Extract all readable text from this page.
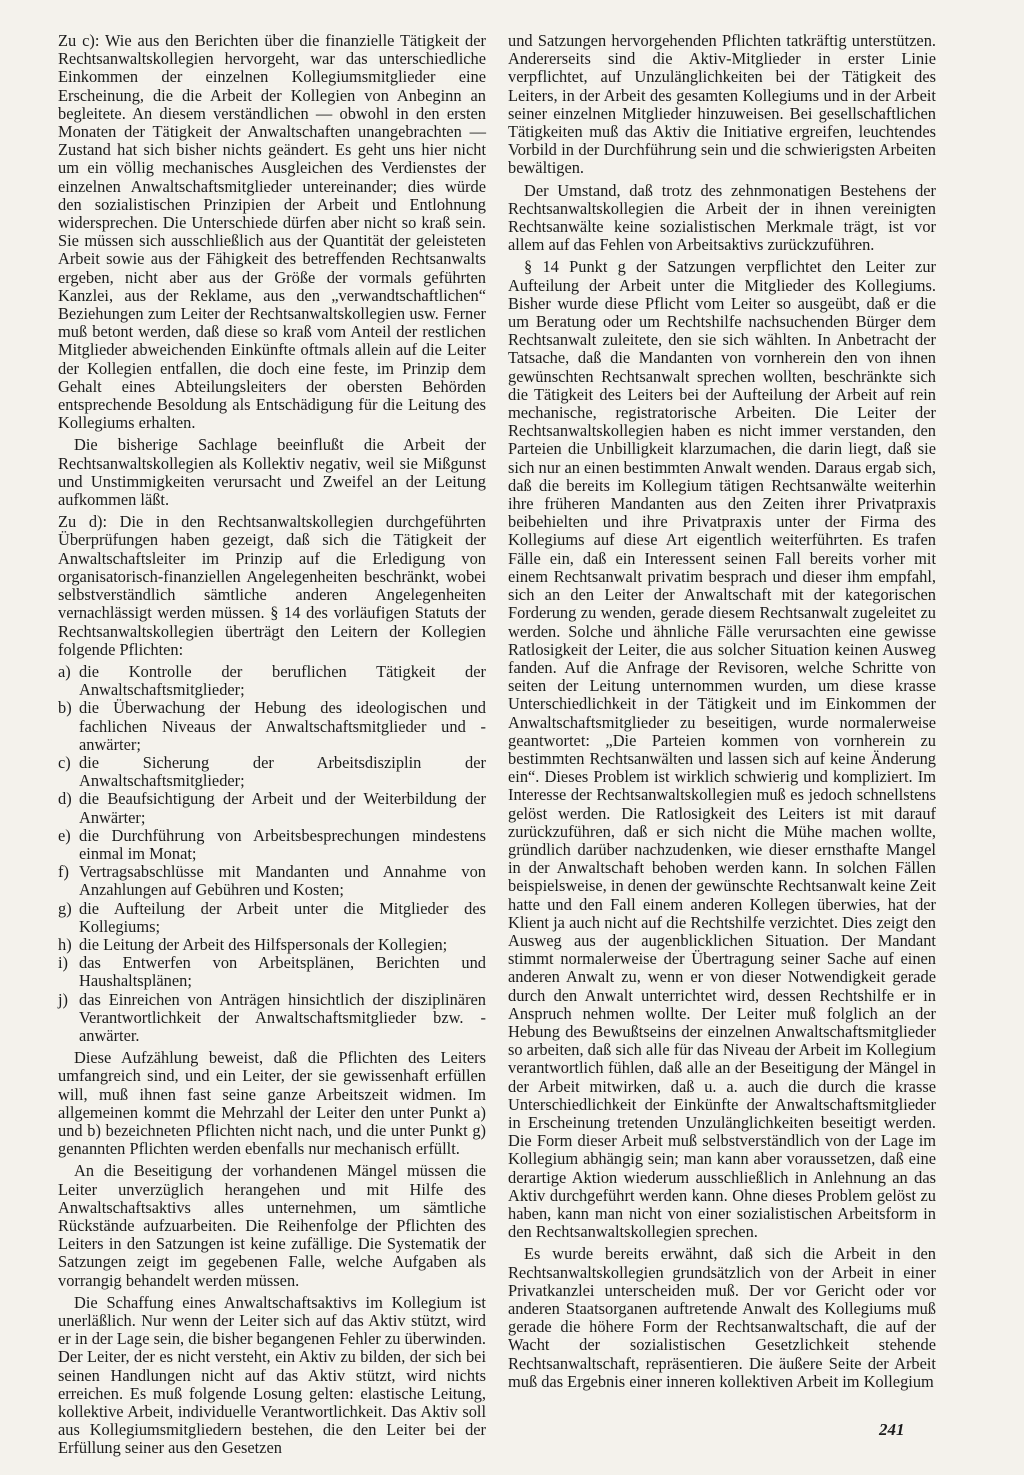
Zu c): Wie aus den Berichten über die finanzielle Tätigkeit der Rechtsanwaltskollegien hervorgeht, war das unterschiedliche Einkommen der einzelnen Kollegiumsmitglieder eine Erscheinung, die die Arbeit der Kollegien von Anbeginn an begleitete. An diesem verständlichen — obwohl in den ersten Monaten der Tätigkeit der Anwaltschaften unangebrachten — Zustand hat sich bisher nichts geändert. Es geht uns hier nicht um ein völlig mechanisches Ausgleichen des Verdienstes der einzelnen Anwaltschaftsmitglieder untereinander; dies würde den sozialistischen Prinzipien der Arbeit und Entlohnung widersprechen. Die Unterschiede dürfen aber nicht so kraß sein. Sie müssen sich ausschließlich aus der Quantität der geleisteten Arbeit sowie aus der Fähigkeit des betreffenden Rechtsanwalts ergeben, nicht aber aus der Größe der vormals geführten Kanzlei, aus der Reklame, aus den „verwandtschaftlichen“ Beziehungen zum Leiter der Rechtsanwaltskollegien usw. Ferner muß betont werden, daß diese so kraß vom Anteil der restlichen Mitglieder abweichenden Einkünfte oftmals allein auf die Leiter der Kollegien entfallen, die doch eine feste, im Prinzip dem Gehalt eines Abteilungsleiters der obersten Behörden entsprechende Besoldung als Entschädigung für die Leitung des Kollegiums erhalten.

Die bisherige Sachlage beeinflußt die Arbeit der Rechtsanwaltskollegien als Kollektiv negativ, weil sie Mißgunst und Unstimmigkeiten verursacht und Zweifel an der Leitung aufkommen läßt.

Zu d): Die in den Rechtsanwaltskollegien durchgeführten Überprüfungen haben gezeigt, daß sich die Tätigkeit der Anwaltschaftsleiter im Prinzip auf die Erledigung von organisatorisch-finanziellen Angelegenheiten beschränkt, wobei selbstverständlich sämtliche anderen Angelegenheiten vernachlässigt werden müssen. § 14 des vorläufigen Statuts der Rechtsanwaltskollegien überträgt den Leitern der Kollegien folgende Pflichten:

a) die Kontrolle der beruflichen Tätigkeit der Anwaltschaftsmitglieder;
b) die Überwachung der Hebung des ideologischen und fachlichen Niveaus der Anwaltschaftsmitglieder und -anwärter;
c) die Sicherung der Arbeitsdisziplin der Anwaltschaftsmitglieder;
d) die Beaufsichtigung der Arbeit und der Weiterbildung der Anwärter;
e) die Durchführung von Arbeitsbesprechungen mindestens einmal im Monat;
f) Vertragsabschlüsse mit Mandanten und Annahme von Anzahlungen auf Gebühren und Kosten;
g) die Aufteilung der Arbeit unter die Mitglieder des Kollegiums;
h) die Leitung der Arbeit des Hilfspersonals der Kollegien;
i) das Entwerfen von Arbeitsplänen, Berichten und Haushaltsplänen;
j) das Einreichen von Anträgen hinsichtlich der disziplinären Verantwortlichkeit der Anwaltschaftsmitglieder bzw. -anwärter.

Diese Aufzählung beweist, daß die Pflichten des Leiters umfangreich sind, und ein Leiter, der sie gewissenhaft erfüllen will, muß ihnen fast seine ganze Arbeitszeit widmen. Im allgemeinen kommt die Mehrzahl der Leiter den unter Punkt a) und b) bezeichneten Pflichten nicht nach, und die unter Punkt g) genannten Pflichten werden ebenfalls nur mechanisch erfüllt.

An die Beseitigung der vorhandenen Mängel müssen die Leiter unverzüglich herangehen und mit Hilfe des Anwaltschaftsaktivs alles unternehmen, um sämtliche Rückstände aufzuarbeiten. Die Reihenfolge der Pflichten des Leiters in den Satzungen ist keine zufällige. Die Systematik der Satzungen zeigt im gegebenen Falle, welche Aufgaben als vorrangig behandelt werden müssen.

Die Schaffung eines Anwaltschaftsaktivs im Kollegium ist unerläßlich. Nur wenn der Leiter sich auf das Aktiv stützt, wird er in der Lage sein, die bisher begangenen Fehler zu überwinden. Der Leiter, der es nicht versteht, ein Aktiv zu bilden, der sich bei seinen Handlungen nicht auf das Aktiv stützt, wird nichts erreichen. Es muß folgende Losung gelten: elastische Leitung, kollektive Arbeit, individuelle Verantwortlichkeit. Das Aktiv soll aus Kollegiumsmitgliedern bestehen, die den Leiter bei der Erfüllung seiner aus den Gesetzen

und Satzungen hervorgehenden Pflichten tatkräftig unterstützen. Andererseits sind die Aktiv-Mitglieder in erster Linie verpflichtet, auf Unzulänglichkeiten bei der Tätigkeit des Leiters, in der Arbeit des gesamten Kollegiums und in der Arbeit seiner einzelnen Mitglieder hinzuweisen. Bei gesellschaftlichen Tätigkeiten muß das Aktiv die Initiative ergreifen, leuchtendes Vorbild in der Durchführung sein und die schwierigsten Arbeiten bewältigen.

Der Umstand, daß trotz des zehnmonatigen Bestehens der Rechtsanwaltskollegien die Arbeit der in ihnen vereinigten Rechtsanwälte keine sozialistischen Merkmale trägt, ist vor allem auf das Fehlen von Arbeitsaktivs zurückzuführen.

§ 14 Punkt g der Satzungen verpflichtet den Leiter zur Aufteilung der Arbeit unter die Mitglieder des Kollegiums. Bisher wurde diese Pflicht vom Leiter so ausgeübt, daß er die um Beratung oder um Rechtshilfe nachsuchenden Bürger dem Rechtsanwalt zuleitete, den sie sich wählten. In Anbetracht der Tatsache, daß die Mandanten von vornherein den von ihnen gewünschten Rechtsanwalt sprechen wollten, beschränkte sich die Tätigkeit des Leiters bei der Aufteilung der Arbeit auf rein mechanische, registratorische Arbeiten. Die Leiter der Rechtsanwaltskollegien haben es nicht immer verstanden, den Parteien die Unbilligkeit klarzumachen, die darin liegt, daß sie sich nur an einen bestimmten Anwalt wenden. Daraus ergab sich, daß die bereits im Kollegium tätigen Rechtsanwälte weiterhin ihre früheren Mandanten aus den Zeiten ihrer Privatpraxis beibehielten und ihre Privatpraxis unter der Firma des Kollegiums auf diese Art eigentlich weiterführten. Es trafen Fälle ein, daß ein Interessent seinen Fall bereits vorher mit einem Rechtsanwalt privatim besprach und dieser ihm empfahl, sich an den Leiter der Anwaltschaft mit der kategorischen Forderung zu wenden, gerade diesem Rechtsanwalt zugeleitet zu werden. Solche und ähnliche Fälle verursachten eine gewisse Ratlosigkeit der Leiter, die aus solcher Situation keinen Ausweg fanden. Auf die Anfrage der Revisoren, welche Schritte von seiten der Leitung unternommen wurden, um diese krasse Unterschiedlichkeit in der Tätigkeit und im Einkommen der Anwaltschaftsmitglieder zu beseitigen, wurde normalerweise geantwortet: „Die Parteien kommen von vornherein zu bestimmten Rechtsanwälten und lassen sich auf keine Änderung ein“. Dieses Problem ist wirklich schwierig und kompliziert. Im Interesse der Rechtsanwaltskollegien muß es jedoch schnellstens gelöst werden. Die Ratlosigkeit des Leiters ist mit darauf zurückzuführen, daß er sich nicht die Mühe machen wollte, gründlich darüber nachzudenken, wie dieser ernsthafte Mangel in der Anwaltschaft behoben werden kann. In solchen Fällen beispielsweise, in denen der gewünschte Rechtsanwalt keine Zeit hatte und den Fall einem anderen Kollegen überwies, hat der Klient ja auch nicht auf die Rechtshilfe verzichtet. Dies zeigt den Ausweg aus der augenblicklichen Situation. Der Mandant stimmt normalerweise der Übertragung seiner Sache auf einen anderen Anwalt zu, wenn er von dieser Notwendigkeit gerade durch den Anwalt unterrichtet wird, dessen Rechtshilfe er in Anspruch nehmen wollte. Der Leiter muß folglich an der Hebung des Bewußtseins der einzelnen Anwaltschaftsmitglieder so arbeiten, daß sich alle für das Niveau der Arbeit im Kollegium verantwortlich fühlen, daß alle an der Beseitigung der Mängel in der Arbeit mitwirken, daß u. a. auch die durch die krasse Unterschiedlichkeit der Einkünfte der Anwaltschaftsmitglieder in Erscheinung tretenden Unzulänglichkeiten beseitigt werden. Die Form dieser Arbeit muß selbstverständlich von der Lage im Kollegium abhängig sein; man kann aber voraussetzen, daß eine derartige Aktion wiederum ausschließlich in Anlehnung an das Aktiv durchgeführt werden kann. Ohne dieses Problem gelöst zu haben, kann man nicht von einer sozialistischen Arbeitsform in den Rechtsanwaltskollegien sprechen.

Es wurde bereits erwähnt, daß sich die Arbeit in den Rechtsanwaltskollegien grundsätzlich von der Arbeit in einer Privatkanzlei unterscheiden muß. Der vor Gericht oder vor anderen Staatsorganen auftretende Anwalt des Kollegiums muß gerade die höhere Form der Rechtsanwaltschaft, die auf der Wacht der sozialistischen Gesetzlichkeit stehende Rechtsanwaltschaft, repräsentieren. Die äußere Seite der Arbeit muß das Ergebnis einer inneren kollektiven Arbeit im Kollegium

241
